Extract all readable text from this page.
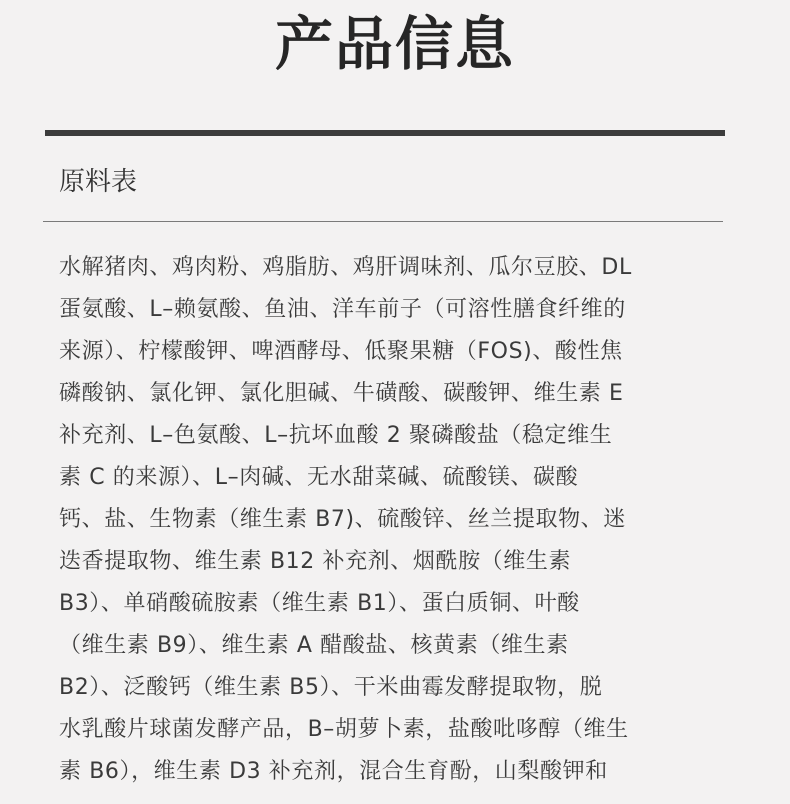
产品信息
原料表
水解猪肉、鸡肉粉、鸡脂肪、鸡肝调味剂、瓜尔豆胶、DL
蛋氨酸、L–赖氨酸、鱼油、洋车前子（可溶性膳食纤维的
来源）、柠檬酸钾、啤酒酵母、低聚果糖（FOS)、酸性焦
磷酸钠、氯化钾、氯化胆碱、牛磺酸、碳酸钾、维生素 E
补充剂、L–色氨酸、L–抗坏血酸 2 聚磷酸盐（稳定维生
素 C 的来源）、L–肉碱、无水甜菜碱、硫酸镁、碳酸
钙、盐、生物素（维生素 B7)、硫酸锌、丝兰提取物、迷
迭香提取物、维生素 B12 补充剂、烟酰胺（维生素
B3）、单硝酸硫胺素（维生素 B1）、蛋白质铜、叶酸
（维生素 B9）、维生素 A 醋酸盐、核黄素（维生素
B2）、泛酸钙（维生素 B5）、干米曲霉发酵提取物，脱
水乳酸片球菌发酵产品，B–胡萝卜素，盐酸吡哆醇（维生
素 B6），维生素 D3 补充剂，混合生育酚，山梨酸钾和
